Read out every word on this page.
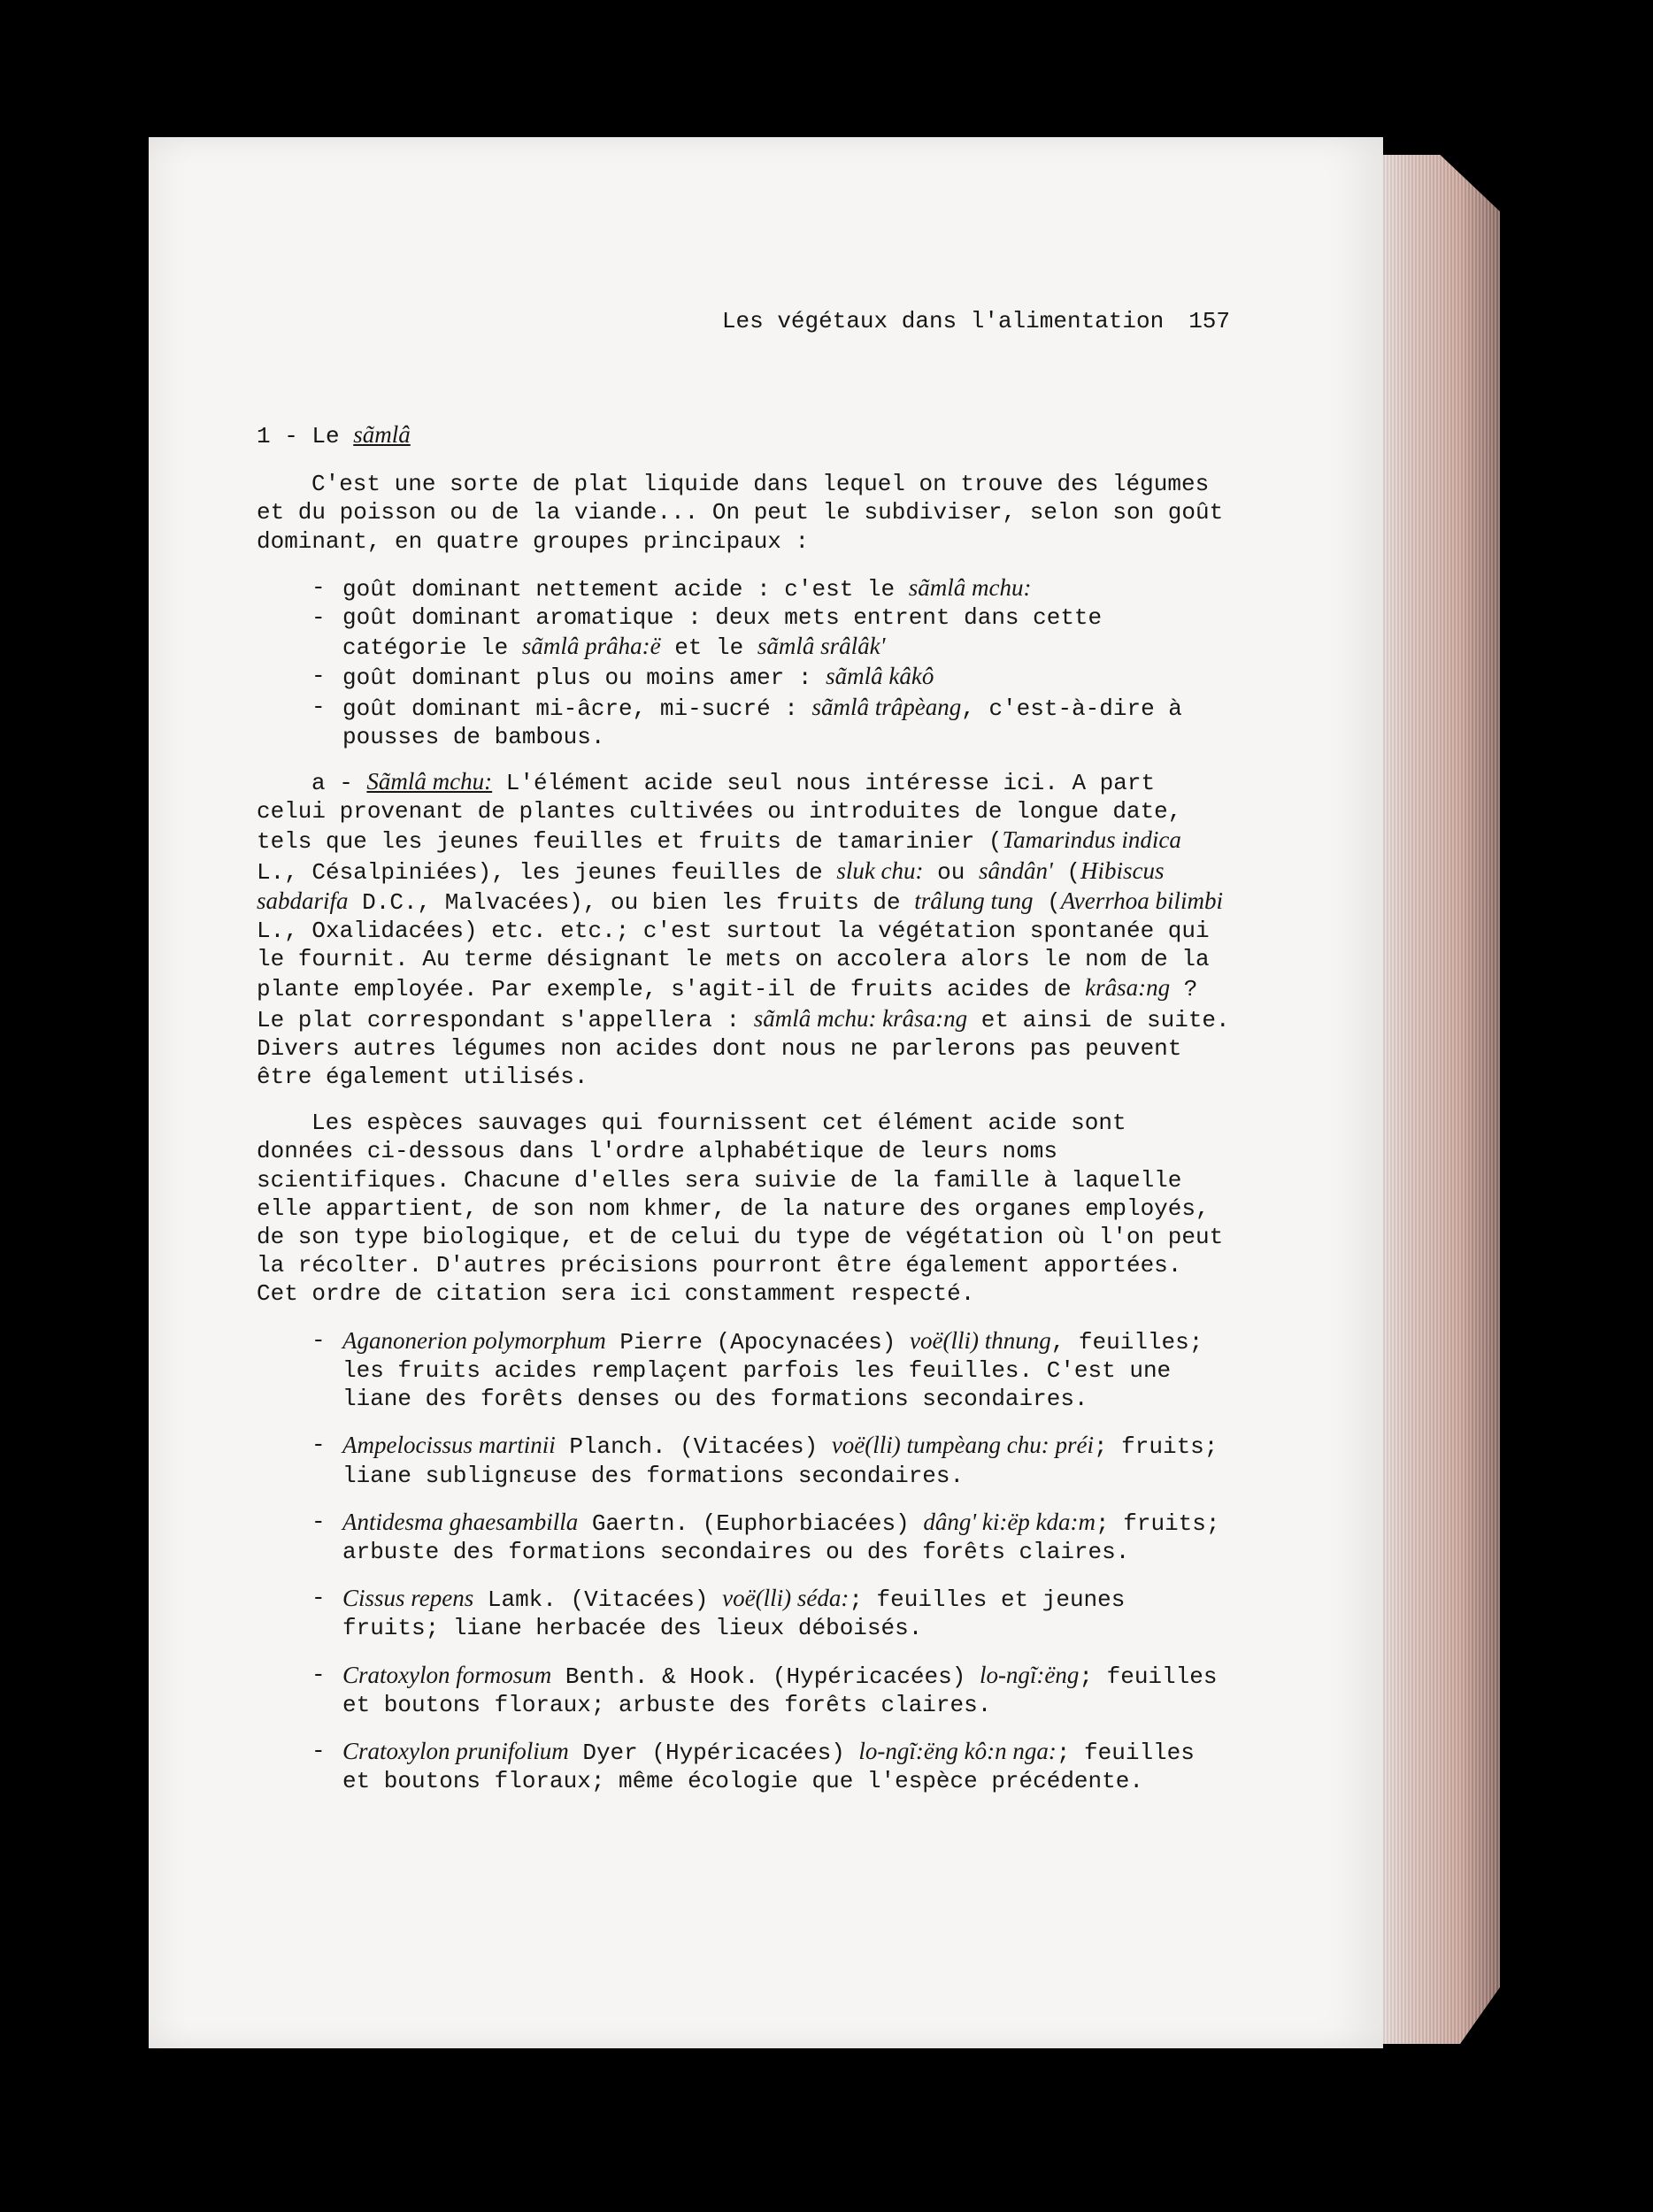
Les végétaux dans l'alimentation 157

1 - Le sãmlâ

C'est une sorte de plat liquide dans lequel on trouve des légumes et du poisson ou de la viande... On peut le subdiviser, selon son goût dominant, en quatre groupes principaux :

- goût dominant nettement acide : c'est le sãmlâ mchu:
- goût dominant aromatique : deux mets entrent dans cette catégorie le sãmlâ prâha:ë et le sãmlâ srâlâk'
- goût dominant plus ou moins amer : sãmlâ kâkô
- goût dominant mi-âcre, mi-sucré : sãmlâ trâpèang, c'est-à-dire à pousses de bambous.

a - Sãmlâ mchu: L'élément acide seul nous intéresse ici. A part celui provenant de plantes cultivées ou introduites de longue date, tels que les jeunes feuilles et fruits de tamarinier (Tamarindus indica L., Césalpiniées), les jeunes feuilles de sluk chu: ou sândân' (Hibiscus sabdarifa D.C., Malvacées), ou bien les fruits de trâlung tung (Averrhoa bilimbi L., Oxalidacées) etc. etc.; c'est surtout la végétation spontanée qui le fournit. Au terme désignant le mets on accolera alors le nom de la plante employée. Par exemple, s'agit-il de fruits acides de krâsa:ng ? Le plat correspondant s'appellera : sãmlâ mchu: krâsa:ng et ainsi de suite. Divers autres légumes non acides dont nous ne parlerons pas peuvent être également utilisés.

Les espèces sauvages qui fournissent cet élément acide sont données ci-dessous dans l'ordre alphabétique de leurs noms scientifiques. Chacune d'elles sera suivie de la famille à laquelle elle appartient, de son nom khmer, de la nature des organes employés, de son type biologique, et de celui du type de végétation où l'on peut la récolter. D'autres précisions pourront être également apportées. Cet ordre de citation sera ici constamment respecté.

- Aganonerion polymorphum Pierre (Apocynacées) voë(lli) thnung, feuilles; les fruits acides remplaçent parfois les feuilles. C'est une liane des forêts denses ou des formations secondaires.
- Ampelocissus martinii Planch. (Vitacées) voë(lli) tumpèang chu: préi; fruits; liane sublignεuse des formations secondaires.
- Antidesma ghaesambilla Gaertn. (Euphorbiacées) dâng' ki:ëp kda:m; fruits; arbuste des formations secondaires ou des forêts claires.
- Cissus repens Lamk. (Vitacées) voë(lli) séda:; feuilles et jeunes fruits; liane herbacée des lieux déboisés.
- Cratoxylon formosum Benth. & Hook. (Hypéricacées) lo-ngĩ:ëng; feuilles et boutons floraux; arbuste des forêts claires.
- Cratoxylon prunifolium Dyer (Hypéricacées) lo-ngĩ:ëng kô:n nga:; feuilles et boutons floraux; même écologie que l'espèce précédente.
